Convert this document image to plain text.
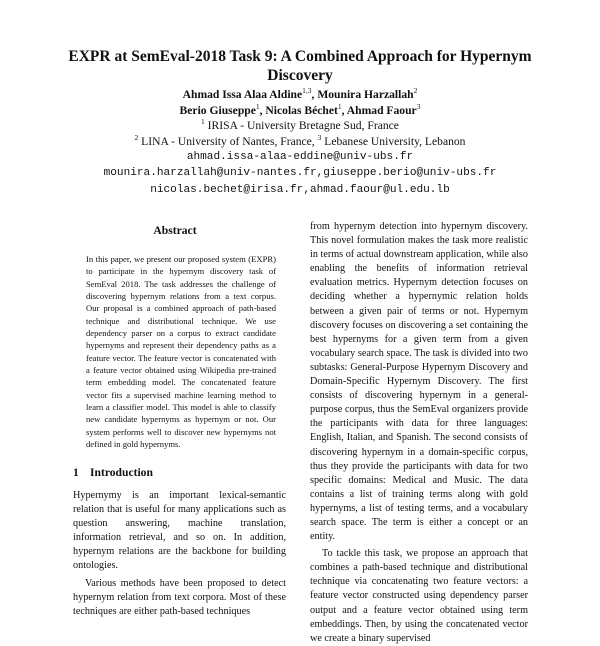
EXPR at SemEval-2018 Task 9: A Combined Approach for Hypernym Discovery
Ahmad Issa Alaa Aldine$^{1,3}$, Mounira Harzallah$^2$
Berio Giuseppe$^1$, Nicolas Béchet$^1$, Ahmad Faour$^3$
$^1$ IRISA - University Bretagne Sud, France
$^2$ LINA - University of Nantes, France, $^3$ Lebanese University, Lebanon
ahmad.issa-alaa-eddine@univ-ubs.fr
mounira.harzallah@univ-nantes.fr,giuseppe.berio@univ-ubs.fr
nicolas.bechet@irisa.fr,ahmad.faour@ul.edu.lb
Abstract
In this paper, we present our proposed system (EXPR) to participate in the hypernym discovery task of SemEval 2018. The task addresses the challenge of discovering hypernym relations from a text corpus. Our proposal is a combined approach of path-based technique and distributional technique. We use dependency parser on a corpus to extract candidate hypernyms and represent their dependency paths as a feature vector. The feature vector is concatenated with a feature vector obtained using Wikipedia pre-trained term embedding model. The concatenated feature vector fits a supervised machine learning method to learn a classifier model. This model is able to classify new candidate hypernyms as hypernym or not. Our system performs well to discover new hypernyms not defined in gold hypernyms.
1 Introduction

Hypernymy is an important lexical-semantic relation that is useful for many applications such as question answering, machine translation, information retrieval, and so on. In addition, hypernym relations are the backbone for building ontologies.

Various methods have been proposed to detect hypernym relation from text corpora. Most of these techniques are either path-based techniques

from hypernym detection into hypernym discovery. This novel formulation makes the task more realistic in terms of actual downstream application, while also enabling the benefits of information retrieval evaluation metrics. Hypernym detection focuses on deciding whether a hypernymic relation holds between a given pair of terms or not. Hypernym discovery focuses on discovering a set containing the best hypernyms for a given term from a given vocabulary search space. The task is divided into two subtasks: General-Purpose Hypernym Discovery and Domain-Specific Hypernym Discovery. The first consists of discovering hypernym in a general-purpose corpus, thus the SemEval organizers provide the participants with data for three languages: English, Italian, and Spanish. The second consists of discovering hypernym in a domain-specific corpus, thus they provide the participants with data for two specific domains: Medical and Music. The data contains a list of training terms along with gold hypernyms, a list of testing terms, and a vocabulary search space. The term is either a concept or an entity.

To tackle this task, we propose an approach that combines a path-based technique and distributional technique via concatenating two feature vectors: a feature vector constructed using dependency parser output and a feature vector obtained using term embeddings. Then, by using the concatenated vector we create a binary supervised
